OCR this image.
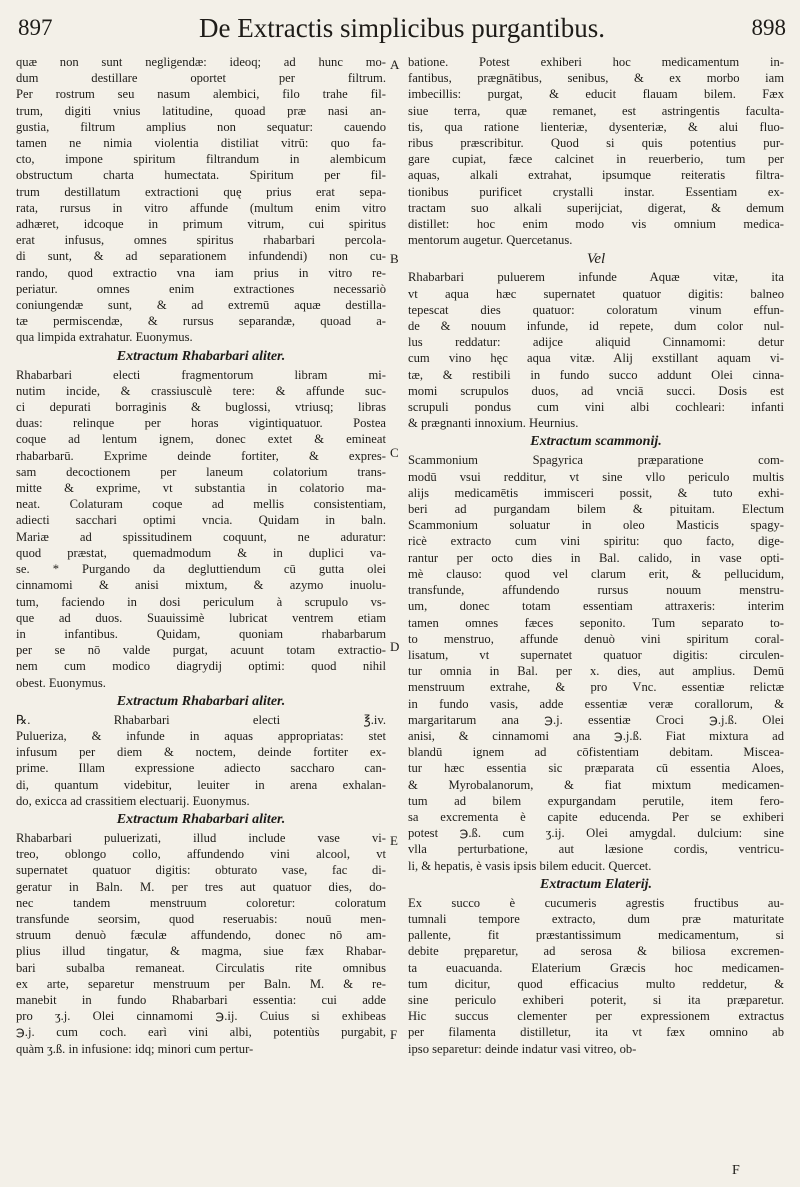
897	De Extractis simplicibus purgantibus.	898
quæ non sunt negligendæ: ideoq; ad hunc mo-
dum destillare oportet per filtrum.
Per rostrum seu nasum alembici, filo trahe fil-
trum, digiti vnius latitudine, quoad præ nasi an-
gustia, filtrum amplius non sequatur: cauendo
tamen ne nimia violentia distiliat vitrū: quo fa-
cto, impone spiritum filtrandum in alembicum
obstructum charta humectata. Spiritum per fil-
trum destillatum extractioni quę prius erat sepa-
rata, rursus in vitro affunde (multum enim vitro
adhæret, idcoque in primum vitrum, cui spiritus
erat infusus, omnes spiritus rhabarbari percola-
di sunt, & ad separationem infundendi) non cu-
rando, quod extractio vna iam prius in vitro re-
periatur. omnes enim extractiones necessariò
coniungendæ sunt, & ad extremū aquæ destilla-
tæ permiscendæ, & rursus separandæ, quoad a-
qua limpida extrahatur. Euonymus.
Extractum Rhabarbari aliter.
Rhabarbari electi fragmentorum libram mi-
nutim incide, & crassiusculè tere: & affunde suc-
ci depurati borraginis & buglossi, vtriusq; libras
duas: relinque per horas vigintiquatuor. Postea
coque ad lentum ignem, donec extet & emineat
rhabarbarū. Exprime deinde fortiter, & expres-
sam decoctionem per laneum colatorium trans-
mitte & exprime, vt substantia in colatorio ma-
neat. Colaturam coque ad mellis consistentiam,
adiecti sacchari optimi vncia. Quidam in baln.
Mariæ ad spissitudinem coquunt, ne aduratur:
quod præstat, quemadmodum & in duplici va-
se. * Purgando da degluttiendum cū gutta olei
cinnamomi & anisi mixtum, & azymo inuolu-
tum, faciendo in dosi periculum à scrupulo vs-
que ad duos. Suauissimè lubricat ventrem etiam
in infantibus. Quidam, quoniam rhabarbarum
per se nō valde purgat, acuunt totam extractio-
nem cum modico diagrydij optimi: quod nihil
obest. Euonymus.
Extractum Rhabarbari aliter.
℞. Rhabarbari electi ℥.iv.
Pulueriza, & infunde in aquas appropriatas: stet
infusum per diem & noctem, deinde fortiter ex-
prime. Illam expressione adiecto saccharo can-
di, quantum videbitur, leuiter in arena exhalan-
do, exicca ad crassitiem electuarij. Euonymus.
Extractum Rhabarbari aliter.
Rhabarbari puluerizati, illud include vase vi-
treo, oblongo collo, affundendo vini alcool, vt
supernatet quatuor digitis: obturato vase, fac di-
geratur in Baln. M. per tres aut quatuor dies, do-
nec tandem menstruum coloretur: coloratum
transfunde seorsim, quod reseruabis: nouū men-
struum denuò fæculæ affundendo, donec nō am-
plius illud tingatur, & magma, siue fæx Rhabar-
bari subalba remaneat. Circulatis rite omnibus
ex arte, separetur menstruum per Baln. M. & re-
manebit in fundo Rhabarbari essentia: cui adde
pro ʒ.j. Olei cinnamomi ℈.ij. Cuius si exhibeas
℈.j. cum coch. earì vini albi, potentiùs purgabit,
quàm ʒ.ß. in infusione: idq; minori cum pertur-
batione. Potest exhiberi hoc medicamentum in-
fantibus, prægnātibus, senibus, & ex morbo iam
imbecillis: purgat, & educit flauam bilem. Fæx
siue terra, quæ remanet, est astringentis faculta-
tis, qua ratione lienteriæ, dysenteriæ, & alui fluo-
ribus præscribitur. Quod si quis potentius pur-
gare cupiat, fæce calcinet in reuerberio, tum per
aquas, alkali extrahat, ipsumque reiteratis filtra-
tionibus purificet crystalli instar. Essentiam ex-
tractam suo alkali superijciat, digerat, & demum
distillet: hoc enim modo vis omnium medica-
mentorum augetur. Quercetanus.
Vel
Rhabarbari puluerem infunde Aquæ vitæ, ita
vt aqua hæc supernatet quatuor digitis: balneo
tepescat dies quatuor: coloratum vinum effun-
de & nouum infunde, id repete, dum color nul-
lus reddatur: adijce aliquid Cinnamomi: detur
cum vino hęc aqua vitæ. Alij exstillant aquam vi-
tæ, & restibili in fundo succo addunt Olei cinna-
momi scrupulos duos, ad vnciā succi. Dosis est
scrupuli pondus cum vini albi cochleari: infanti
& prægnanti innoxium. Heurnius.
Extractum scammonij.
Scammonium Spagyrica præparatione com-
modū vsui redditur, vt sine vllo periculo multis
alijs medicamētis immisceri possit, & tuto exhi-
beri ad purgandam bilem & pituitam. Electum
Scammonium soluatur in oleo Masticis spagy-
ricè extracto cum vini spiritu: quo facto, dige-
rantur per octo dies in Bal. calido, in vase opti-
mè clauso: quod vel clarum erit, & pellucidum,
transfunde, affundendo rursus nouum menstru-
um, donec totam essentiam attraxeris: interim
tamen omnes fæces seponito. Tum separato to-
to menstruo, affunde denuò vini spiritum coral-
lisatum, vt supernatet quatuor digitis: circulen-
tur omnia in Bal. per x. dies, aut amplius. Demū
menstruum extrahe, & pro Vnc. essentiæ relictæ
in fundo vasis, adde essentiæ veræ corallorum, &
margaritarum ana ℈.j. essentiæ Croci ℈.j.ß. Olei
anisi, & cinnamomi ana ℈.j.ß. Fiat mixtura ad
blandū ignem ad cōfistentiam debitam. Misceа-
tur hæc essentia sic præparata cū essentia Aloes,
& Myrobalanorum, & fiat mixtum medicamen-
tum ad bilem expurgandam perutile, item fero-
sa excrementa è capite educenda. Per se exhiberi
potest ℈.ß. cum ʒ.ij. Olei amygdal. dulcium: sine
vlla perturbatione, aut læsione cordis, ventricu-
li, & hepatis, è vasis ipsis bilem educit. Quercet.
Extractum Elaterij.
Ex succo è cucumeris agrestis fructibus au-
tumnali tempore extracto, dum præ maturitate
pallente, fit præstantissimum medicamentum, si
debite pręparetur, ad serosa & biliosa excremen-
ta euacuanda. Elaterium Græcis hoc medicamen-
tum dicitur, quod efficacius multo reddetur, &
sine periculo exhiberi poterit, si ita præparetur.
Hic succus clementer per expressionem extractus
per filamenta distilletur, ita vt fæx omnino ab
ipso separetur: deinde indatur vasi vitreo, ob-
A
B
C
D
E
F
F
